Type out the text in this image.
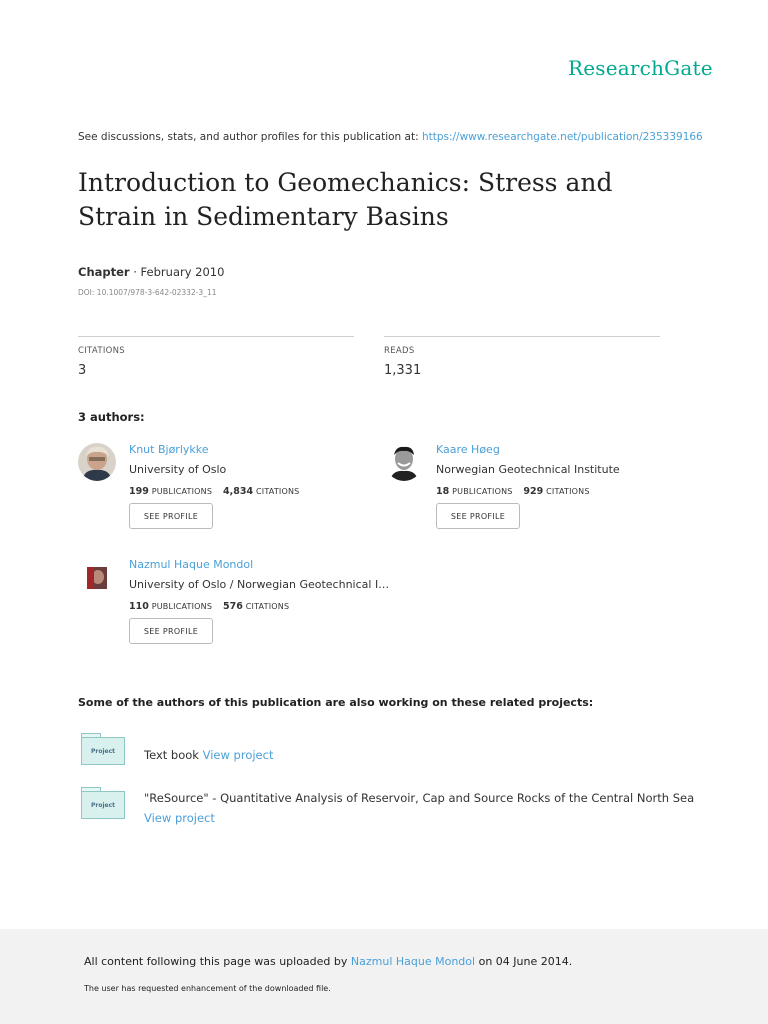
ResearchGate
See discussions, stats, and author profiles for this publication at: https://www.researchgate.net/publication/235339166
Introduction to Geomechanics: Stress and Strain in Sedimentary Basins
Chapter · February 2010
DOI: 10.1007/978-3-642-02332-3_11
CITATIONS
3
READS
1,331
3 authors:
Knut Bjørlykke
University of Oslo
199 PUBLICATIONS 4,834 CITATIONS
SEE PROFILE
Kaare Høeg
Norwegian Geotechnical Institute
18 PUBLICATIONS 929 CITATIONS
SEE PROFILE
Nazmul Haque Mondol
University of Oslo / Norwegian Geotechnical I…
110 PUBLICATIONS 576 CITATIONS
SEE PROFILE
Some of the authors of this publication are also working on these related projects:
Project	Text book View project
Project	"ReSource" - Quantitative Analysis of Reservoir, Cap and Source Rocks of the Central North Sea View project
All content following this page was uploaded by Nazmul Haque Mondol on 04 June 2014.
The user has requested enhancement of the downloaded file.
